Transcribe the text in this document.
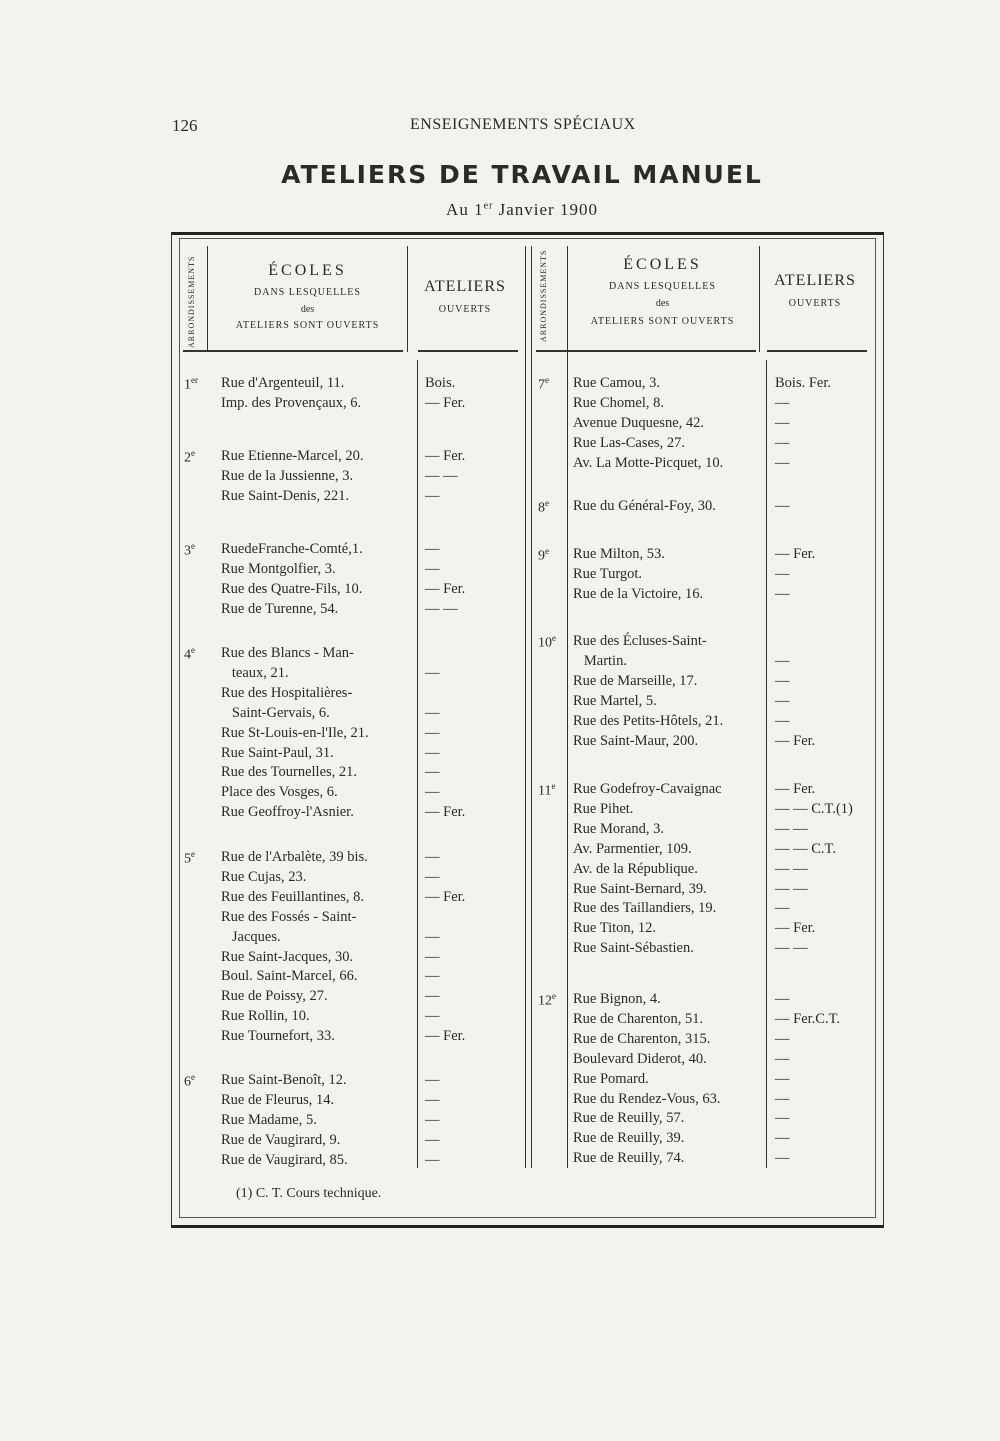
126	ENSEIGNEMENTS SPÉCIAUX
ATELIERS DE TRAVAIL MANUEL
Au 1er Janvier 1900
ARRONDISSEMENTS	ÉCOLES
DANS LESQUELLES
des
ATELIERS SONT OUVERTS
ATELIERS
OUVERTS	ARRONDISSEMENTS	ÉCOLES
DANS LESQUELLES
des
ATELIERS SONT OUVERTS
ATELIERS
OUVERTS
1er Rue d'Argenteuil, 11.	Bois.
Imp. des Provençaux, 6.	— Fer.
2e Rue Etienne-Marcel, 20.	— Fer.
Rue de la Jussienne, 3.	— —
Rue Saint-Denis, 221.	—
3e RuedeFranche-Comté,1.	—
Rue Montgolfier, 3.	—
Rue des Quatre-Fils, 10.	— Fer.
Rue de Turenne, 54.	— —
4e Rue des Blancs - Man-
teaux, 21.	—
Rue des Hospitalières-
Saint-Gervais, 6.	—
Rue St-Louis-en-l'Ile, 21.	—
Rue Saint-Paul, 31.	—
Rue des Tournelles, 21.	—
Place des Vosges, 6.	—
Rue Geoffroy-l'Asnier.	— Fer.
5e Rue de l'Arbalète, 39 bis.	—
Rue Cujas, 23.	—
Rue des Feuillantines, 8.	— Fer.
Rue des Fossés - Saint-
Jacques.	—
Rue Saint-Jacques, 30.	—
Boul. Saint-Marcel, 66.	—
Rue de Poissy, 27.	—
Rue Rollin, 10.	—
Rue Tournefort, 33.	— Fer.
6e Rue Saint-Benoît, 12.	—
Rue de Fleurus, 14.	—
Rue Madame, 5.	—
Rue de Vaugirard, 9.	—
Rue de Vaugirard, 85.	—
7e Rue Camou, 3.	Bois. Fer.
Rue Chomel, 8.	—
Avenue Duquesne, 42.	—
Rue Las-Cases, 27.	—
Av. La Motte-Picquet, 10.	—
8e Rue du Général-Foy, 30.	—
9e Rue Milton, 53.	— Fer.
Rue Turgot.	—
Rue de la Victoire, 16.	—
10e Rue des Écluses-Saint-
Martin.	—
Rue de Marseille, 17.	—
Rue Martel, 5.	—
Rue des Petits-Hôtels, 21.	—
Rue Saint-Maur, 200.	— Fer.
11e Rue Godefroy-Cavaignac	— Fer.
Rue Pihet.	— — C.T.(1)
Rue Morand, 3.	— —
Av. Parmentier, 109.	— — C.T.
Av. de la République.	— —
Rue Saint-Bernard, 39.	— —
Rue des Taillandiers, 19.	—
Rue Titon, 12.	— Fer.
Rue Saint-Sébastien.	— —
12e Rue Bignon, 4.	—
Rue de Charenton, 51.	— Fer.C.T.
Rue de Charenton, 315.	—
Boulevard Diderot, 40.	—
Rue Pomard.	—
Rue du Rendez-Vous, 63.	—
Rue de Reuilly, 57.	—
Rue de Reuilly, 39.	—
Rue de Reuilly, 74.	—
(1) C. T. Cours technique.
